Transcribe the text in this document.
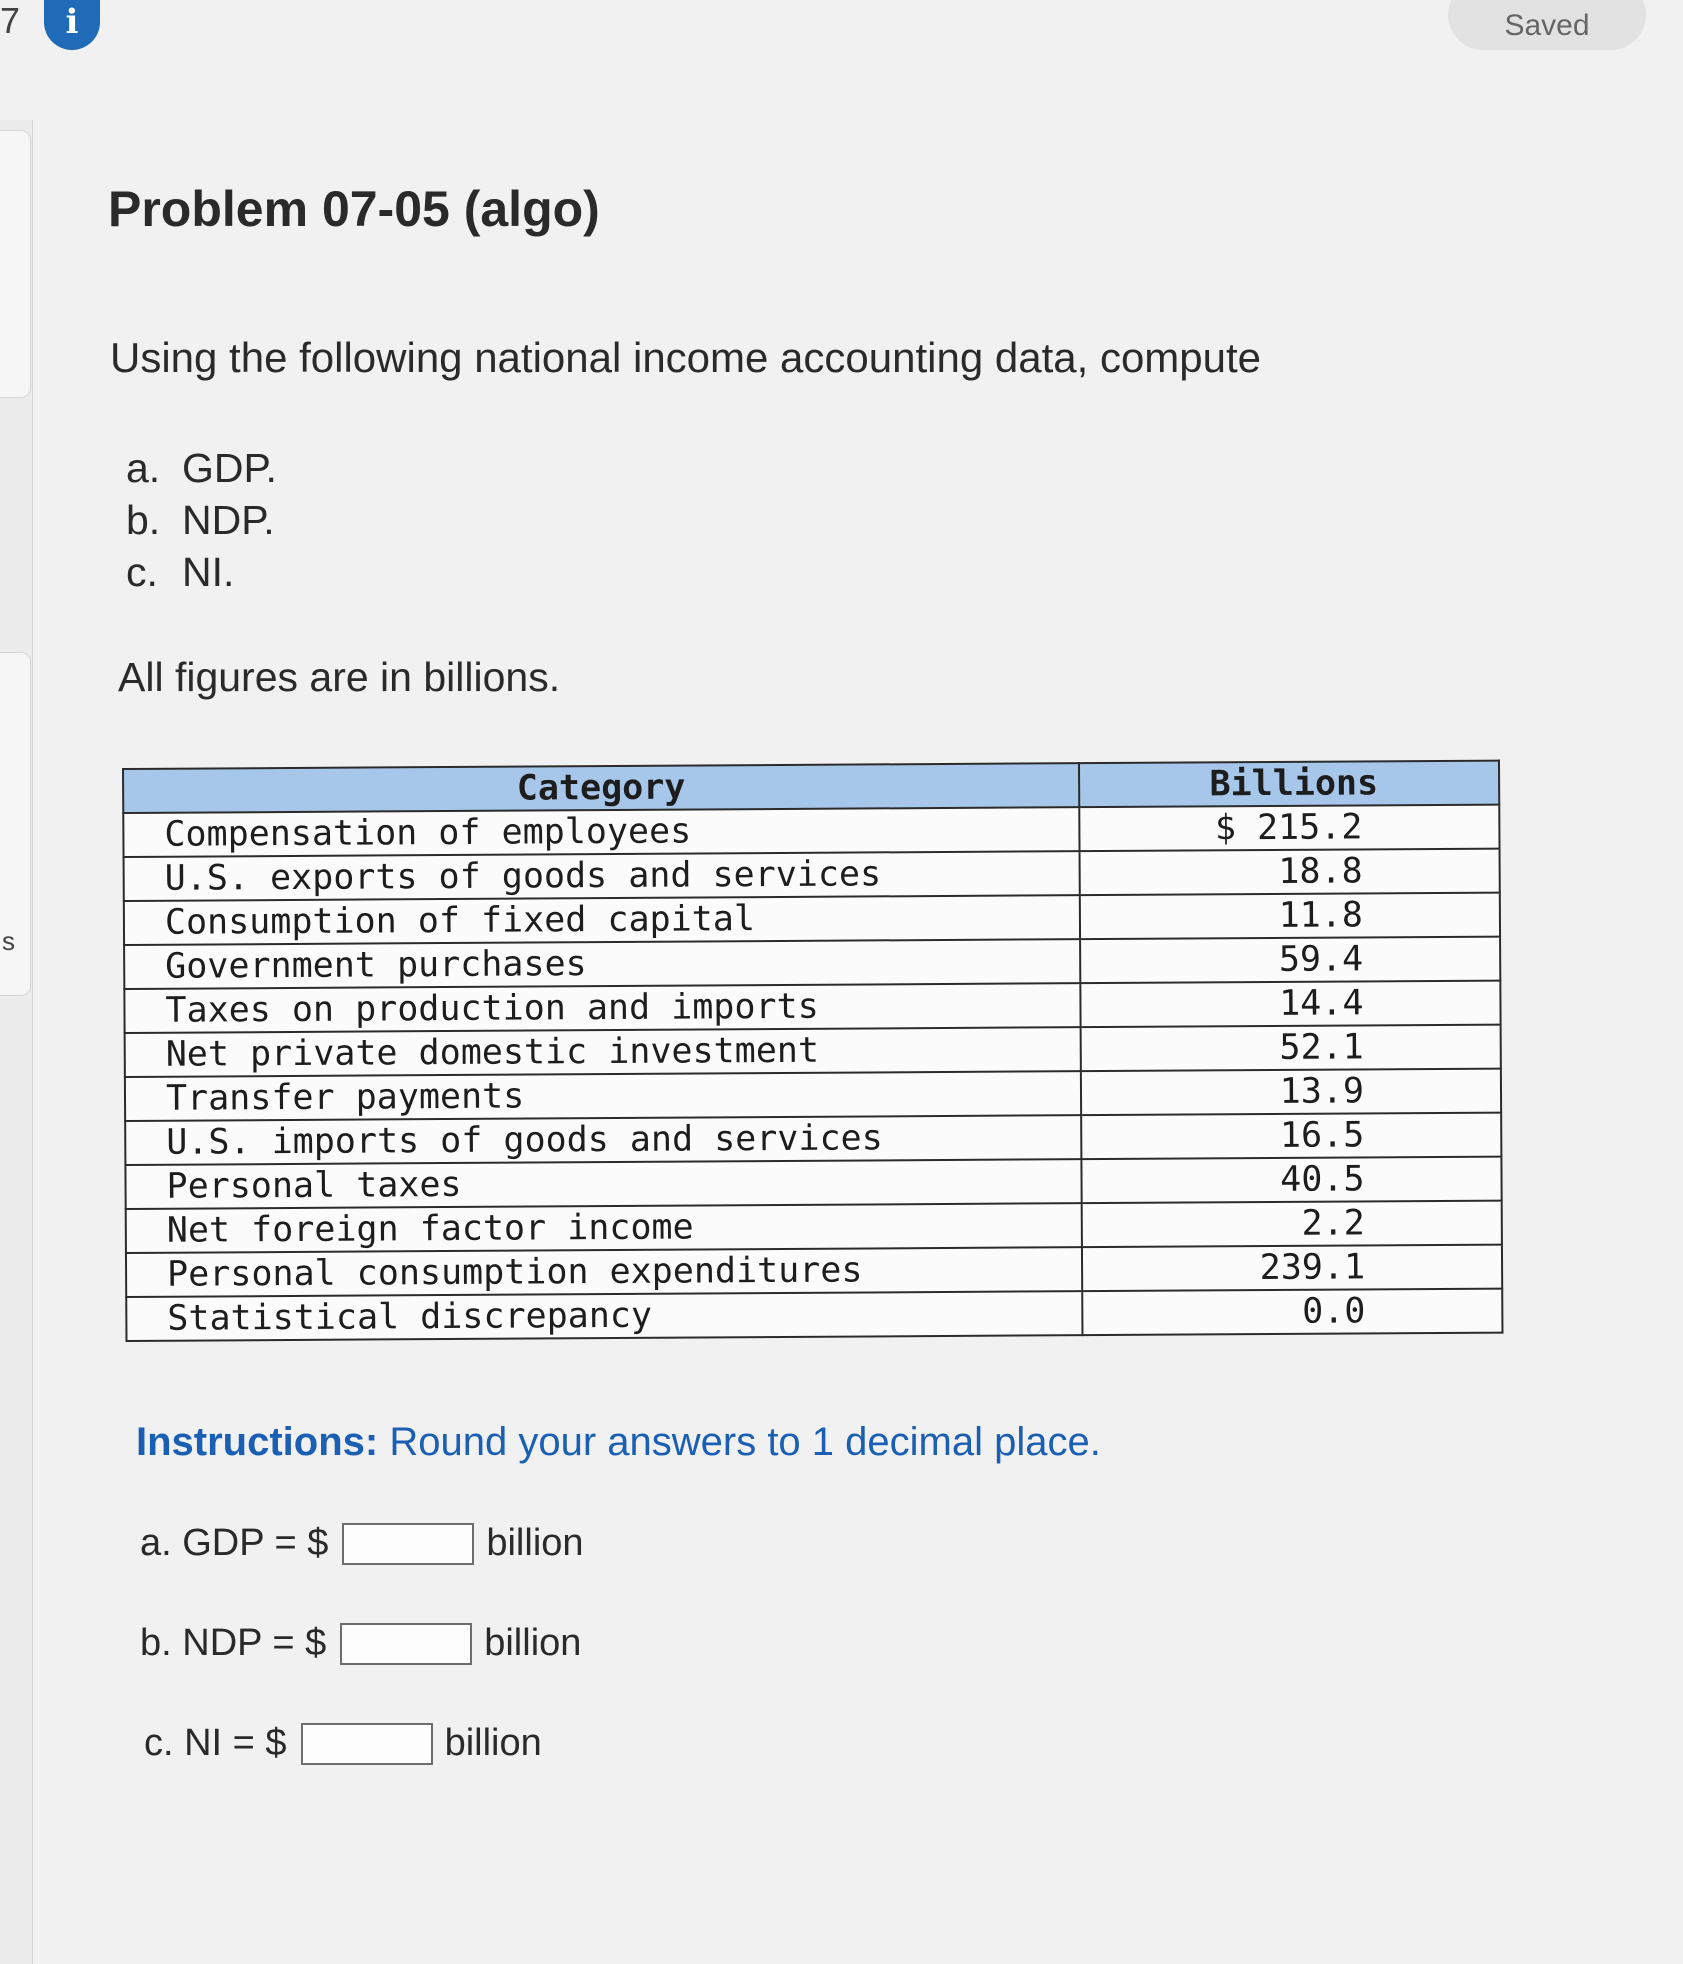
7	i
s
Saved
Problem 07-05 (algo)
Using the following national income accounting data, compute
a. GDP.
b. NDP.
c. NI.
All figures are in billions.
Category	Billions
Compensation of employees	$ 215.2
U.S. exports of goods and services	18.8
Consumption of fixed capital	11.8
Government purchases	59.4
Taxes on production and imports	14.4
Net private domestic investment	52.1
Transfer payments	13.9
U.S. imports of goods and services	16.5
Personal taxes	40.5
Net foreign factor income	2.2
Personal consumption expenditures	239.1
Statistical discrepancy	0.0
Instructions: Round your answers to 1 decimal place.
a. GDP = $	billion
b. NDP = $	billion
c. NI = $	billion
